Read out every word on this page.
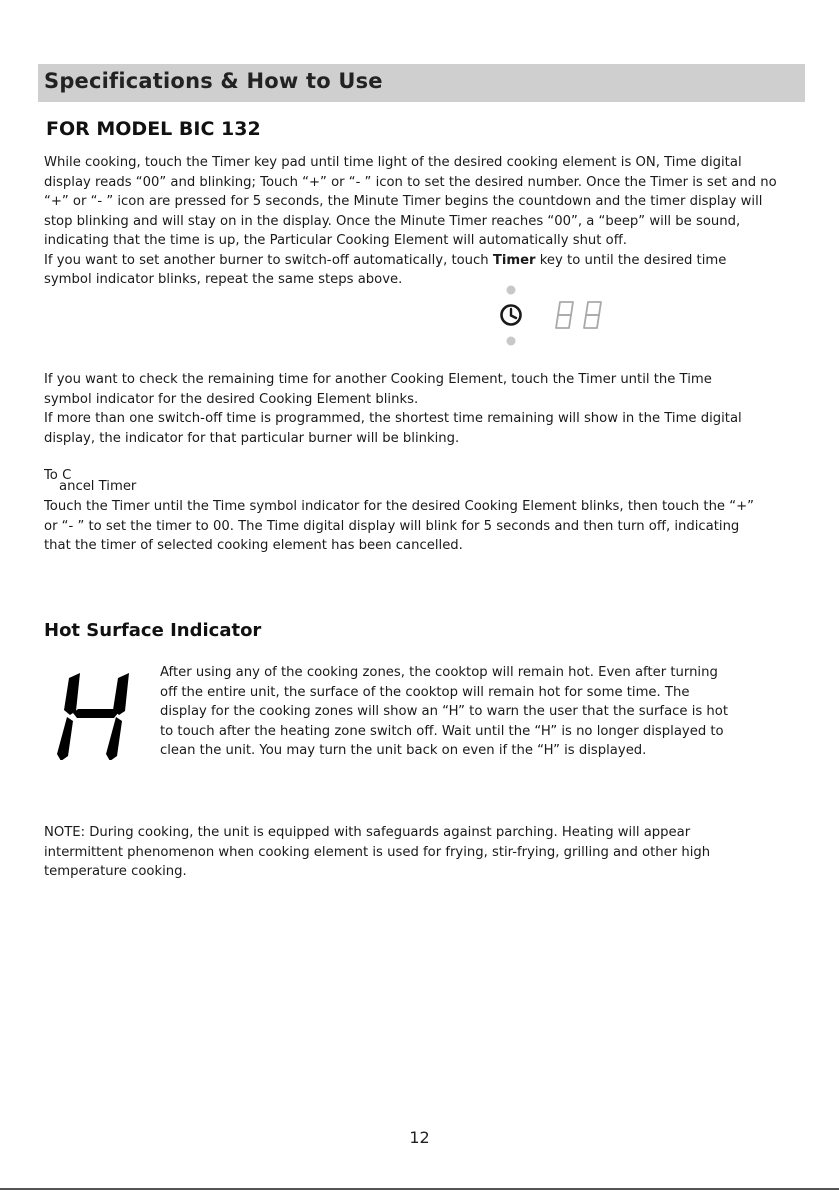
Specifications & How to Use
FOR MODEL BIC 132
While cooking, touch the Timer key pad until time light of the desired cooking element is ON, Time digital
display reads “00” and blinking; Touch “+” or “- ” icon to set the desired number. Once the Timer is set and no
“+” or “- ” icon are pressed for 5 seconds, the Minute Timer begins the countdown and the timer display will
stop blinking and will stay on in the display. Once the Minute Timer reaches “00”, a “beep” will be sound,
indicating that the time is up, the Particular Cooking Element will automatically shut off.
If you want to set another burner to switch-off automatically, touch Timer key to until the desired time
symbol indicator blinks, repeat the same steps above.
If you want to check the remaining time for another Cooking Element, touch the Timer until the Time
symbol indicator for the desired Cooking Element blinks.
If more than one switch-off time is programmed, the shortest time remaining will show in the Time digital
display, the indicator for that particular burner will be blinking.
To C
ancel Timer
Touch the Timer until the Time symbol indicator for the desired Cooking Element blinks, then touch the “+”
or “- ” to set the timer to 00. The Time digital display will blink for 5 seconds and then turn off, indicating
that the timer of selected cooking element has been cancelled.
Hot Surface Indicator
After using any of the cooking zones, the cooktop will remain hot. Even after turning
off the entire unit, the surface of the cooktop will remain hot for some time. The
display for the cooking zones will show an “H” to warn the user that the surface is hot
to touch after the heating zone switch off. Wait until the “H” is no longer displayed to
clean the unit. You may turn the unit back on even if the “H” is displayed.
NOTE: During cooking, the unit is equipped with safeguards against parching. Heating will appear
intermittent phenomenon when cooking element is used for frying, stir-frying, grilling and other high
temperature cooking.
12
